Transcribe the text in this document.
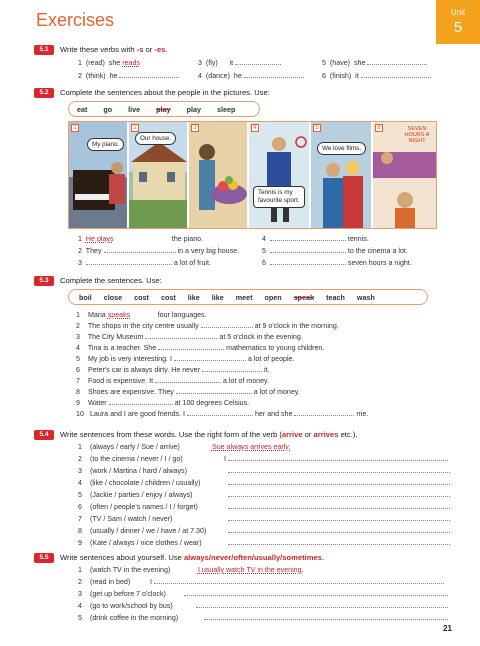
Exercises	Unit
5
5.1	Write these verbs with -s or -es.
1 (read) she reads	3 (fly) it	5 (have) she
2 (think) he	4 (dance) he	6 (finish) it
5.2	Complete the sentences about the people in the pictures. Use:
eat go live play play sleep
1
My piano.
2
Our house.
3	4
Tennis is my favourite sport.
5
We love films.
6	SEVEN HOURS A NIGHT
1 He plays	the piano.
2 They	in a very big house.
3	a lot of fruit.
4	tennis.
5	to the cinema a lot.
6	seven hours a night.
5.3	Complete the sentences. Use:
boil close cost cost like like meet open speak teach wash
1 Maria speaks	four languages.
2 The shops in the city centre usually	at 9 o'clock in the morning.
3 The City Museum	at 5 o'clock in the evening.
4 Tina is a teacher. She	mathematics to young children.
5 My job is very interesting. I	a lot of people.
6 Peter's car is always dirty. He never	it.
7 Food is expensive. It	a lot of money.
8 Shoes are expensive. They	a lot of money.
9 Water	at 100 degrees Celsius.
10 Laura and I are good friends. I	her and she	me.
5.4	Write sentences from these words. Use the right form of the verb (arrive or arrives etc.).
1 (always / early / Sue / arrive)	Sue always arrives early.
2 (to the cinema / never / I / go)	I
3 (work / Martina / hard / always)
4 (like / chocolate / children / usually)
5 (Jackie / parties / enjoy / always)
6 (often / people's names / I / forget)
7 (TV / Sam / watch / never)
8 (usually / dinner / we / have / at 7.30)
9 (Kate / always / nice clothes / wear)
5.5	Write sentences about yourself. Use always/never/often/usually/sometimes.
1 (watch TV in the evening)	I usually watch TV in the evening.
2 (read in bed)	I
3 (get up before 7 o'clock)
4 (go to work/school by bus)
5 (drink coffee in the morning)
21
